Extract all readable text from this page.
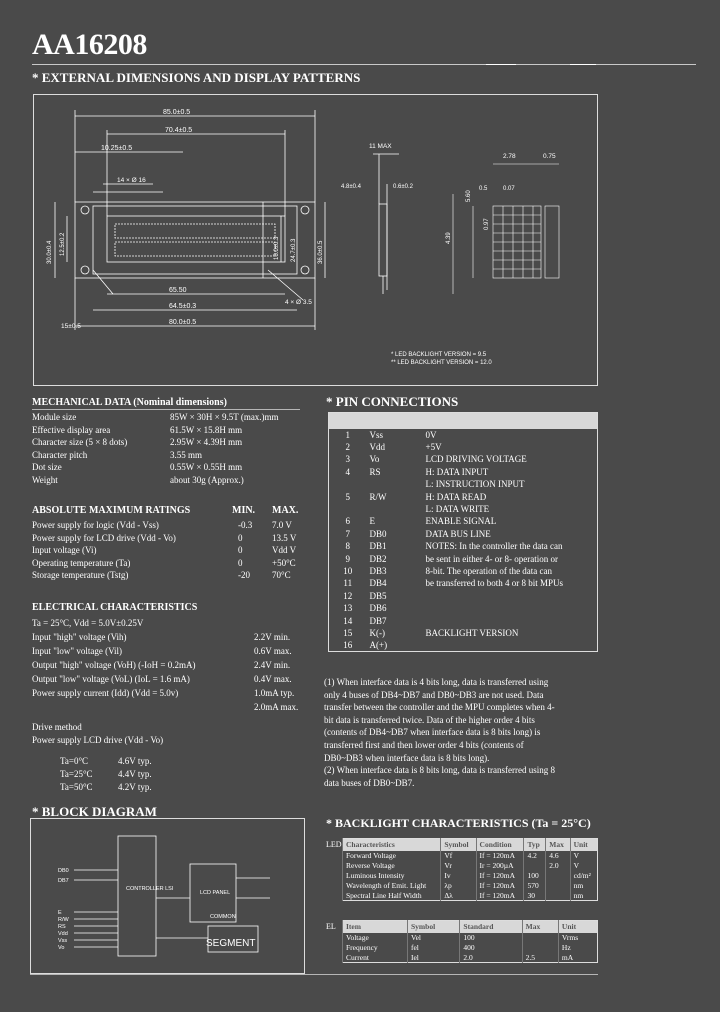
AA16208
* EXTERNAL DIMENSIONS AND DISPLAY PATTERNS
85.0±0.5
70.4±0.5
10.25±0.5	11 MAX
2.78	0.75
0.5	0.07
14 × Ø 16
4.8±0.4	0.6±0.2
30.0±0.4 12.5±0.2	16.0±0.3 24.7±0.3	36.0±0.5
5.60
0.97
4.39
4 × Ø 3.5
65.50
64.5±0.3
80.0±0.5
15±0.5
* LED BACKLIGHT VERSION = 9.5
** LED BACKLIGHT VERSION = 12.0
MECHANICAL DATA (Nominal dimensions)
Module size	85W × 30H × 9.5T (max.)mm
Effective display area	61.5W × 15.8H mm
Character size (5 × 8 dots)	2.95W × 4.39H mm
Character pitch	3.55 mm
Dot size	0.55W × 0.55H mm
Weight	about 30g (Approx.)
ABSOLUTE MAXIMUM RATINGS	MIN. MAX.
Power supply for logic (Vdd - Vss)	-0.3 7.0 V
Power supply for LCD drive (Vdd - Vo)	0	13.5 V
Input voltage (Vi)	0	Vdd V
Operating temperature (Ta)	0	+50°C
Storage temperature (Tstg)	-20 70°C
ELECTRICAL CHARACTERISTICS
Ta = 25°C, Vdd = 5.0V±0.25V
Input "high" voltage (Vih)	2.2V min.
Input "low" voltage (Vil)	0.6V max.
Output "high" voltage (VoH) (-IoH = 0.2mA)	2.4V min.
Output "low" voltage (VoL) (IoL = 1.6 mA)	0.4V max.
Power supply current (Idd) (Vdd = 5.0v)	1.0mA typ.
2.0mA max.
Drive method
Power supply LCD drive (Vdd - Vo)
Ta=0°C	4.6V typ.
Ta=25°C	4.4V typ.
Ta=50°C	4.2V typ.
* BLOCK DIAGRAM
CONTROLLER LSI
LCD PANEL
SEGMENT
COMMON
DB0
DB7
E
R/W
RS
Vdd
Vss
Vo
* PIN CONNECTIONS

1	Vss	0V
2	Vdd	+5V
3	Vo	LCD DRIVING VOLTAGE
4	RS	H: DATA INPUT
		L: INSTRUCTION INPUT
5	R/W	H: DATA READ
		L: DATA WRITE
6	E	ENABLE SIGNAL
7	DB0	DATA BUS LINE
8	DB1	NOTES: In the controller the data can
9	DB2	be sent in either 4- or 8- operation or
10	DB3	8-bit. The operation of the data can
11	DB4	be transferred to both 4 or 8 bit MPUs
12	DB5	
13	DB6	
14	DB7	
15	K(-)	BACKLIGHT VERSION
16	A(+)	

(1) When interface data is 4 bits long, data is transferred using

only 4 buses of DB4~DB7 and DB0~DB3 are not used. Data

transfer between the controller and the MPU completes when 4-

bit data is transferred twice. Data of the higher order 4 bits

(contents of DB4~DB7 when interface data is 8 bits long) is

transferred first and then lower order 4 bits (contents of

DB0~DB3 when interface data is 8 bits long).

(2) When interface data is 8 bits long, data is transferred using 8

data buses of DB0~DB7.

* BACKLIGHT CHARACTERISTICS (Ta = 25°C)
LED Characteristics	Symbol	Condition	Typ	Max	Unit
Forward Voltage	Vf	If = 120mA	4.2	4.6	V
Reverse Voltage	Vr	Ir = 200µA		2.0	V
Luminous Intensity	Iv	If = 120mA	100		cd/m²
Wavelength of Emit. Light	λp	If = 120mA	570		nm
Spectral Line Half Width	Δλ	If = 120mA	30		nm
EL Item	Symbol	Standard	Max	Unit
Voltage	Vel	100		Vrms
Frequency	fel	400		Hz
Current	Iel	2.0	2.5	mA
